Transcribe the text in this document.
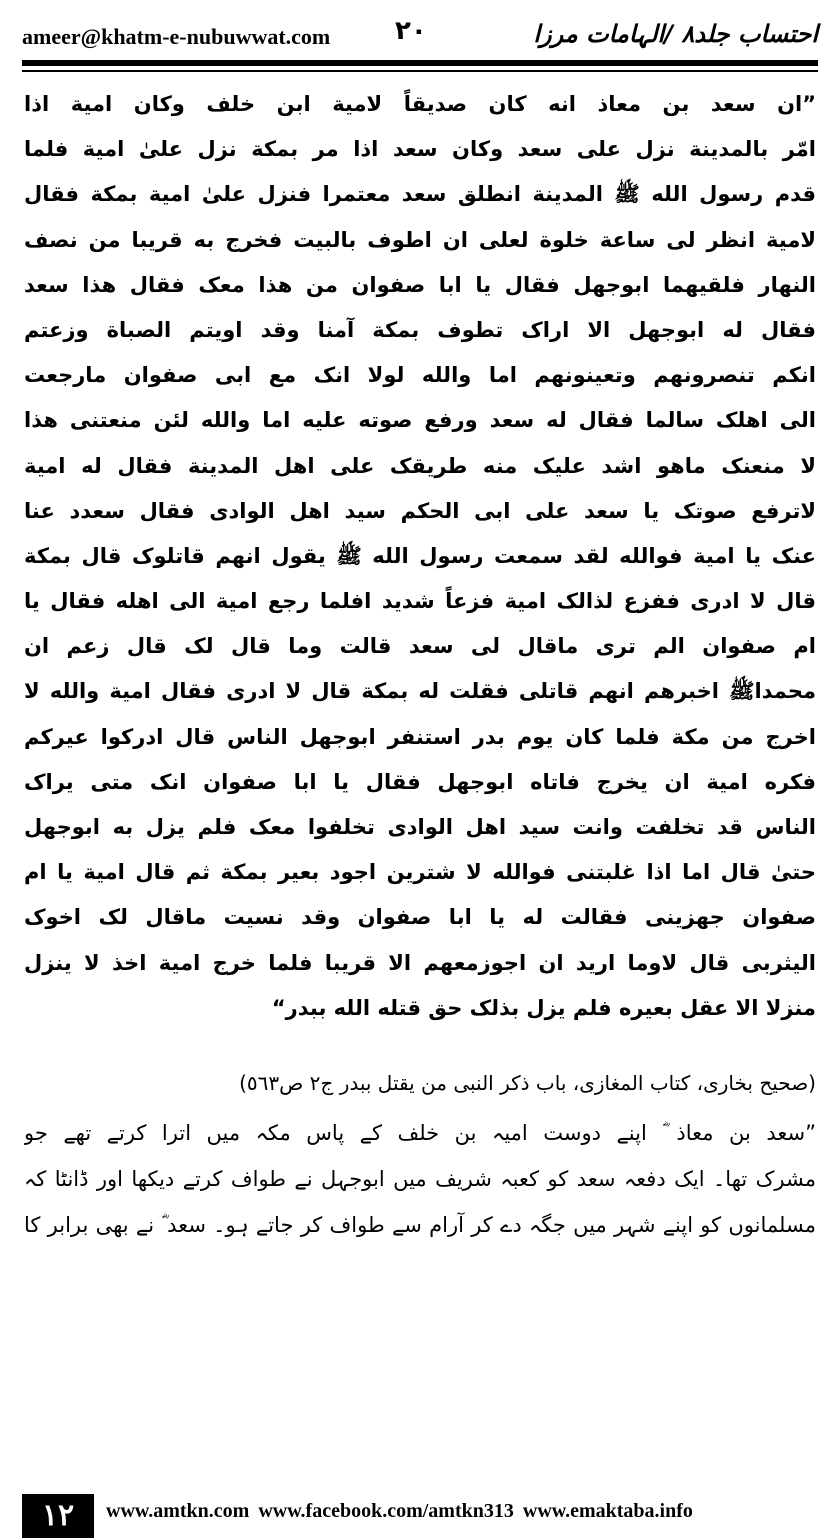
ameer@khatm-e-nubuwwat.com ٢٠	احتساب جلد٨ /الہامات مرزا
”ان سعد بن معاذ انه كان صديقاً لامية ابن خلف وكان امية اذا
امّر بالمدينة نزل على سعد وكان سعد اذا مر بمكة نزل علىٰ امية فلما
قدم رسول الله ﷺ المدينة انطلق سعد معتمرا فنزل علىٰ امية بمكة فقال
لامية انظر لى ساعة خلوة لعلى ان اطوف بالبيت فخرج به قريبا من نصف
النهار فلقيهما ابوجهل فقال يا ابا صفوان من هذا معک فقال هذا سعد
فقال له ابوجهل الا اراک تطوف بمكة آمنا وقد اويتم الصباة وزعتم
انكم تنصرونهم وتعينونهم اما والله لولا انک مع ابى صفوان مارجعت
الى اهلک سالما فقال له سعد ورفع صوته عليه اما والله لئن منعتنى هذا
لا منعنک ماهو اشد عليک منه طريقک على اهل المدينة فقال له امية
لاترفع صوتک يا سعد على ابى الحكم سيد اهل الوادى فقال سعدد عنا
عنک يا امية فوالله لقد سمعت رسول الله ﷺ يقول انهم قاتلوک قال بمكة
قال لا ادرى ففزع لذالک امية فزعاً شديد افلما رجع امية الى اهله فقال يا
ام صفوان الم ترى ماقال لى سعد قالت وما قال لک قال زعم ان
محمداﷺ اخبرهم انهم قاتلى فقلت له بمكة قال لا ادرى فقال امية والله لا
اخرج من مكة فلما كان يوم بدر استنفر ابوجهل الناس قال ادركوا عيركم
فكره امية ان يخرج فاتاه ابوجهل فقال يا ابا صفوان انک متى يراک
الناس قد تخلفت وانت سيد اهل الوادى تخلفوا معک فلم يزل به ابوجهل
حتىٰ قال اما اذا غلبتنى فوالله لا شترين اجود بعير بمكة ثم قال امية يا ام
صفوان جهزينى فقالت له يا ابا صفوان وقد نسيت ماقال لک اخوک
اليثربى قال لاوما اريد ان اجوزمعهم الا قريبا فلما خرج امية اخذ لا ينزل
منزلا الا عقل بعيره فلم يزل بذلک حق قتله الله ببدر“
(صحيح بخارى، كتاب المغازى، باب ذكر النبى من يقتل ببدر ج٢ ص٥٦٣)
”سعد بن معاذ ؓ اپنے دوست امیہ بن خلف کے پاس مکہ میں اترا کرتے تھے جو
مشرک تھا۔ ایک دفعہ سعد کو کعبہ شریف میں ابوجہل نے طواف کرتے دیکھا اور ڈانٹا کہ
مسلمانوں کو اپنے شہر میں جگہ دے کر آرام سے طواف کر جاتے ہو۔ سعد ؓ نے بھی برابر کا
١٢	www.amtkn.com www.facebook.com/amtkn313 www.emaktaba.info
